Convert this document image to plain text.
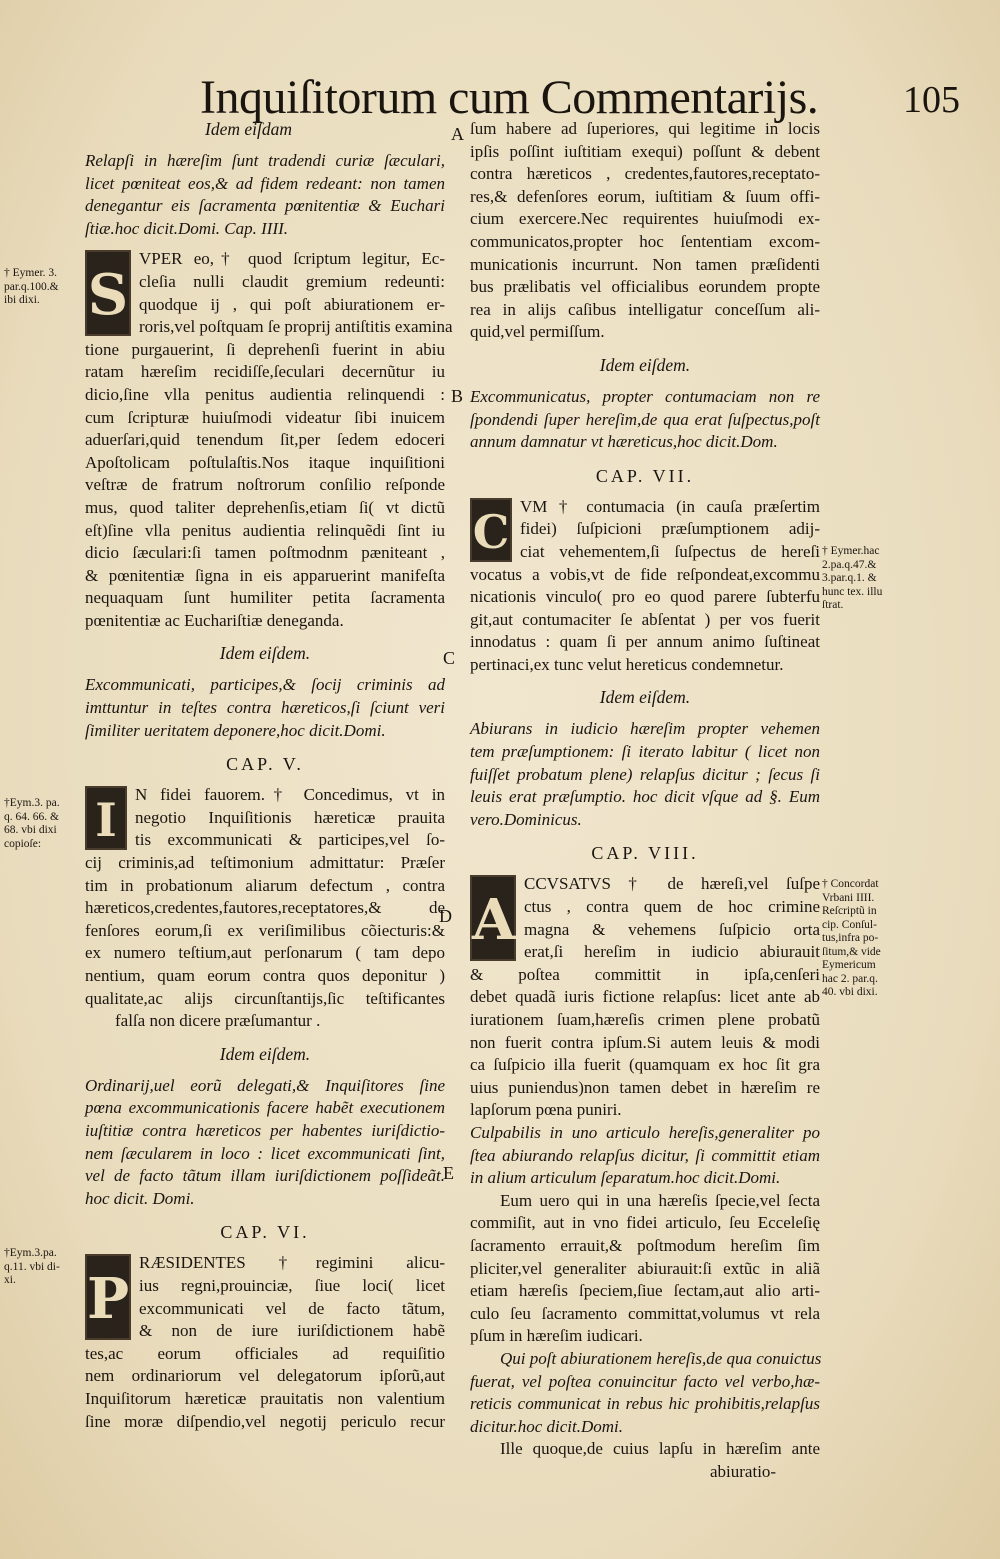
Inquiſitorum cum Commentarijs. 105
Idem eiſdam
Relapſi in hæreſim ſunt tradendi curiæ ſæculari,
licet pœniteat eos,& ad fidem redeant: non tamen
denegantur eis ſacramenta pœnitentiæ & Euchari
ſtiæ.hoc dicit.Domi. Cap. IIII.
S
VPER eo,† quod ſcriptum legitur, Ec-
cleſia nulli claudit gremium redeunti:
quodque ij , qui poſt abiurationem er-
roris,vel poſtquam ſe proprij antiſtitis examina
tione purgauerint, ſi deprehenſi fuerint in abiu
ratam hæreſim recidiſſe,ſeculari decernũtur iu
dicio,ſine vlla penitus audientia relinquendi :
cum ſcripturæ huiuſmodi videatur ſibi inuicem
aduerſari,quid tenendum ſit,per ſedem edoceri
Apoſtolicam poſtulaſtis.Nos itaque inquiſitioni
veſtræ de fratrum noſtrorum conſilio reſponde
mus, quod taliter deprehenſis,etiam ſi( vt dictũ
eſt)ſine vlla penitus audientia relinquẽdi ſint iu
dicio ſæculari:ſi tamen poſtmodnm pæniteant ,
& pœnitentiæ ſigna in eis apparuerint manifeſta
nequaquam ſunt humiliter petita ſacramenta
pœnitentiæ ac Euchariſtiæ deneganda.
Idem eiſdem.
Excommunicati, participes,& ſocij criminis ad
imttuntur in teſtes contra hæreticos,ſi ſciunt veri
ſimiliter ueritatem deponere,hoc dicit.Domi.
CAP. V.
I	N fidei fauorem.† Concedimus, vt in
negotio Inquiſitionis hæreticæ prauita
tis excommunicati & participes,vel ſo-
cij criminis,ad teſtimonium admittatur: Præſer
tim in probationum aliarum defectum , contra
hæreticos,credentes,fautores,receptatores,& de
fenſores eorum,ſi ex veriſimilibus cõiecturis:&
ex numero teſtium,aut perſonarum ( tam depo
nentium, quam eorum contra quos deponitur )
qualitate,ac alijs circunſtantijs,ſic teſtificantes
falſa non dicere præſumantur .
Idem eiſdem.
Ordinarij,uel eorũ delegati,& Inquiſitores ſine
pœna excommunicationis facere habẽt executionem
iuſtitiæ contra hæreticos per habentes iuriſdictio-
nem ſæcularem in loco : licet excommunicati ſint,
vel de facto tãtum illam iuriſdictionem poſſideãt.
hoc dicit. Domi.
CAP. VI.
P
RÆSIDENTES †regimini alicu-
ius regni,prouinciæ, ſiue loci( licet
excommunicati vel de facto tãtum,
& non de iure iuriſdictionem habẽ
tes,ac eorum officiales ad requiſitio
nem ordinariorum vel delegatorum ipſorũ,aut
Inquiſitorum hæreticæ prauitatis non valentium
ſine moræ diſpendio,vel negotij periculo recur
ſum habere ad ſuperiores, qui legitime in locis
ipſis poſſint iuſtitiam exequi) poſſunt & debent
contra hæreticos , credentes,fautores,receptato-
res,& defenſores eorum, iuſtitiam & ſuum offi-
cium exercere.Nec requirentes huiuſmodi ex-
communicatos,propter hoc ſententiam excom-
municationis incurrunt. Non tamen præſidenti
bus prælibatis vel officialibus eorundem propte
rea in alijs caſibus intelligatur conceſſum ali-
quid,vel permiſſum.
Idem eiſdem.
Excommunicatus, propter contumaciam non re
ſpondendi ſuper hereſim,de qua erat ſuſpectus,poſt
annum damnatur vt hæreticus,hoc dicit.Dom.
CAP. VII.
C VM † contumacia (in cauſa præſertim
fidei) ſuſpicioni præſumptionem adij-
ciat vehementem,ſi ſuſpectus de hereſi
vocatus a vobis,vt de fide reſpondeat,excommu
nicationis vinculo( pro eo quod parere ſubterfu
git,aut contumaciter ſe abſentat ) per vos fuerit
innodatus : quam ſi per annum animo ſuſtineat
pertinaci,ex tunc velut hereticus condemnetur.
Idem eiſdem.
Abiurans in iudicio hæreſim propter vehemen
tem præſumptionem: ſi iterato labitur ( licet non
fuiſſet probatum plene) relapſus dicitur ; ſecus ſi
leuis erat præſumptio. hoc dicit vſque ad §. Eum
vero.Dominicus.
CAP. VIII.
A
CCVSATVS † de hæreſi,vel ſuſpe
ctus , contra quem de hoc crimine
magna & vehemens ſuſpicio orta
erat,ſi hereſim in iudicio abiurauit
& poſtea committit in ipſa,cenſeri
debet quadã iuris fictione relapſus: licet ante ab
iurationem ſuam,hæreſis crimen plene probatũ
non fuerit contra ipſum.Si autem leuis & modi
ca ſuſpicio illa fuerit (quamquam ex hoc ſit gra
uius puniendus)non tamen debet in hæreſim re
lapſorum pœna puniri.
Culpabilis in uno articulo hereſis,generaliter po
ſtea abiurando relapſus dicitur, ſi committit etiam
in alium articulum ſeparatum.hoc dicit.Domi.
Eum uero qui in una hæreſis ſpecie,vel ſecta
commiſit, aut in vno fidei articulo, ſeu Ecceleſię
ſacramento errauit,& poſtmodum hereſim ſim
pliciter,vel generaliter abiurauit:ſi extũc in aliã
etiam hæreſis ſpeciem,ſiue ſectam,aut alio arti-
culo ſeu ſacramento committat,volumus vt rela
pſum in hæreſim iudicari.
Qui poſt abiurationem hereſis,de qua conuictus
fuerat, vel poſtea conuincitur facto vel verbo,hæ-
reticis communicat in rebus hic prohibitis,relapſus
dicitur.hoc dicit.Domi.
Ille quoque,de cuius lapſu in hæreſim ante
abiuratio-
† Eymer. 3.
par.q.100.&
ibi dixi.
†Eym.3. pa.
q. 64. 66. &
68. vbi dixi
copioſe:
†Eym.3.pa.
q.11. vbi di-
xi.
† Eymer.hac
2.pa.q.47.&
3.par.q.1. &
hunc tex. illu
ſtrat.
† Concordat
Vrbani IIII.
Reſcriptũ in
cip. Conſul-
tus,infra po-
ſitum,& vide
Eymericum
hac 2. par.q.
40. vbi dixi.
A
B
C
D
E
